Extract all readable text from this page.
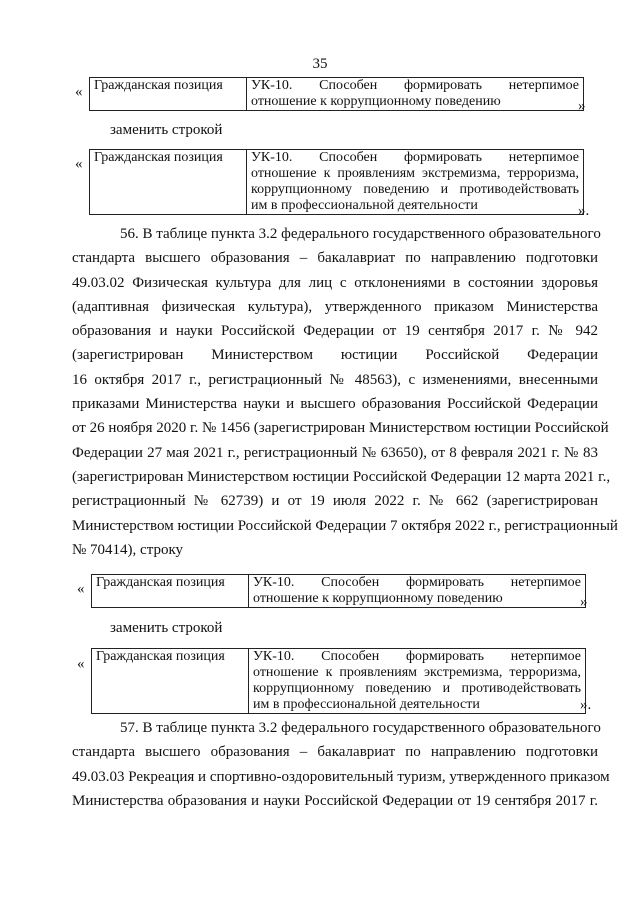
35
« Гражданская позиция	УК-10. Способен формировать нетерпимое
отношение к коррупционному поведению	»
заменить строкой
« Гражданская позиция	УК-10. Способен формировать нетерпимое
отношение к проявлениям экстремизма, терроризма,
коррупционному поведению и противодействовать
им в профессиональной деятельности	».
56. В таблице пункта 3.2 федерального государственного образовательного
стандарта высшего образования – бакалавриат по направлению подготовки
49.03.02 Физическая культура для лиц с отклонениями в состоянии здоровья
(адаптивная физическая культура), утвержденного приказом Министерства
образования и науки Российской Федерации от 19 сентября 2017 г. № 942
(зарегистрирован Министерством юстиции Российской Федерации
16 октября 2017 г., регистрационный № 48563), с изменениями, внесенными
приказами Министерства науки и высшего образования Российской Федерации
от 26 ноября 2020 г. № 1456 (зарегистрирован Министерством юстиции Российской
Федерации 27 мая 2021 г., регистрационный № 63650), от 8 февраля 2021 г. № 83
(зарегистрирован Министерством юстиции Российской Федерации 12 марта 2021 г.,
регистрационный № 62739) и от 19 июля 2022 г. № 662 (зарегистрирован
Министерством юстиции Российской Федерации 7 октября 2022 г., регистрационный
№ 70414), строку
« Гражданская позиция	УК-10. Способен формировать нетерпимое
отношение к коррупционному поведению	»
заменить строкой
« Гражданская позиция	УК-10. Способен формировать нетерпимое
отношение к проявлениям экстремизма, терроризма,
коррупционному поведению и противодействовать
им в профессиональной деятельности	».
57. В таблице пункта 3.2 федерального государственного образовательного
стандарта высшего образования – бакалавриат по направлению подготовки
49.03.03 Рекреация и спортивно-оздоровительный туризм, утвержденного приказом
Министерства образования и науки Российской Федерации от 19 сентября 2017 г.
